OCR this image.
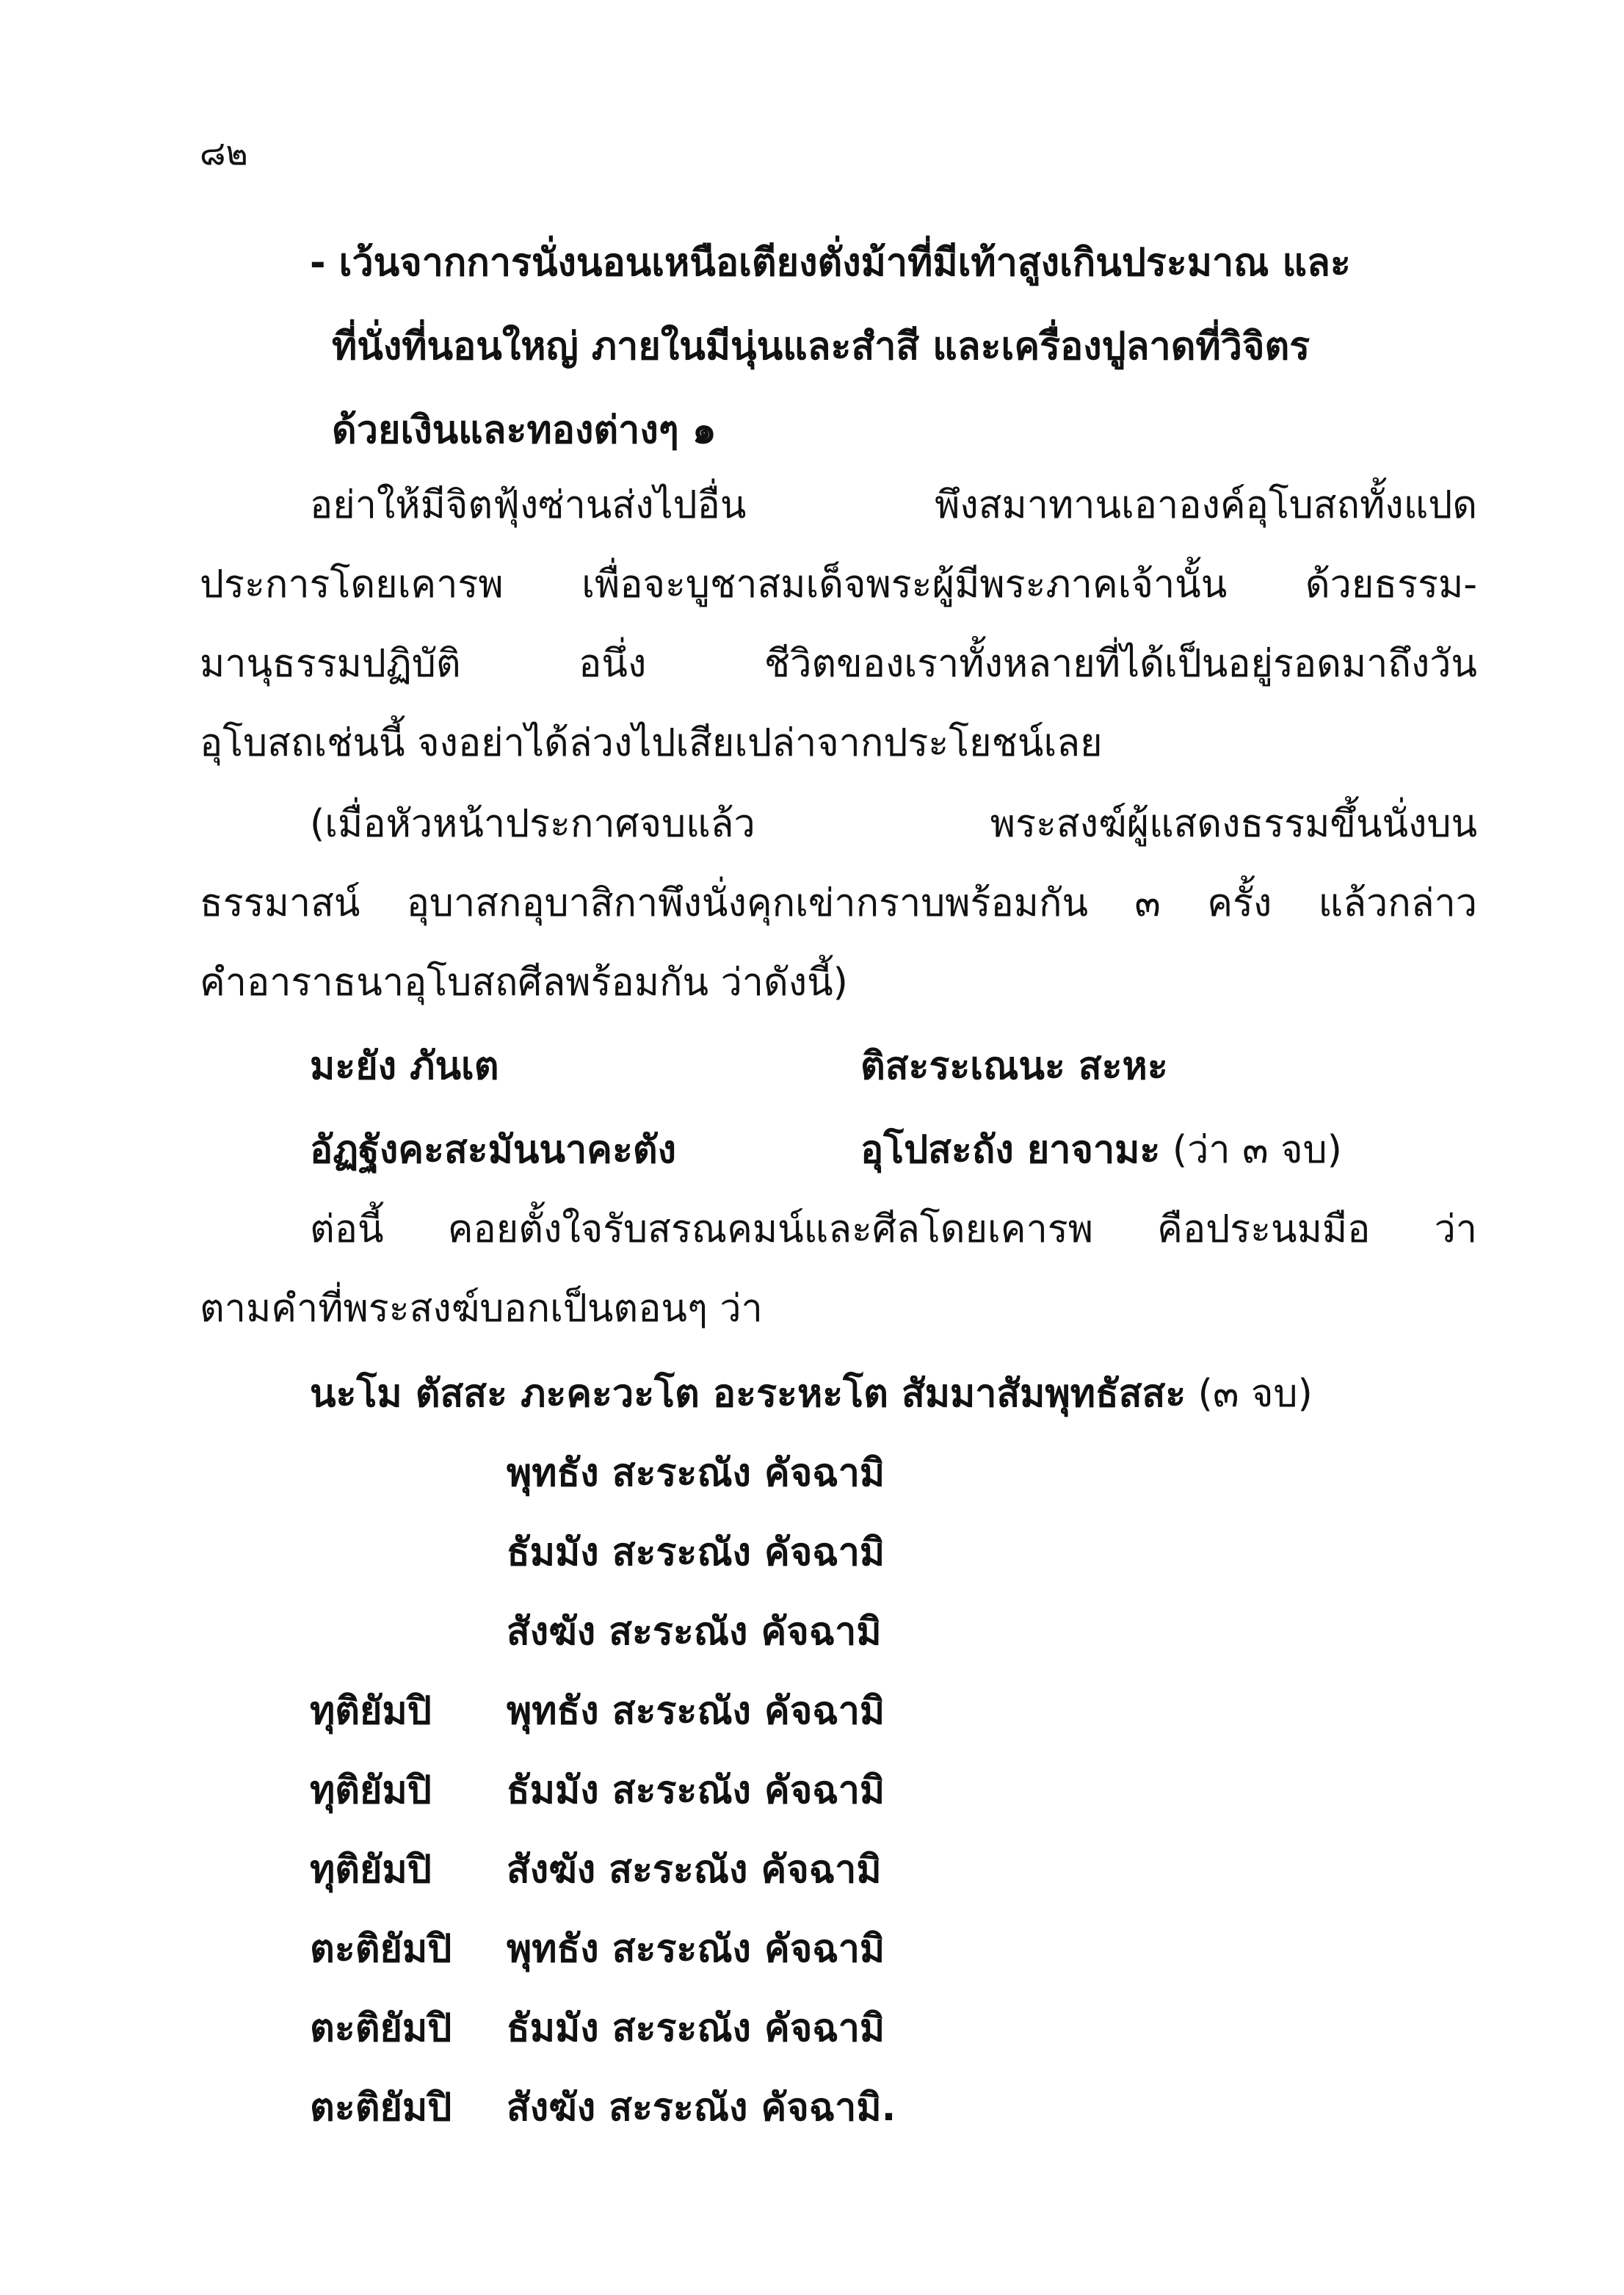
๘๒
- เว้นจากการนั่งนอนเหนือเตียงตั่งม้าที่มีเท้าสูงเกินประมาณ และ
ที่นั่งที่นอนใหญ่ ภายในมีนุ่นและสำสี และเครื่องปูลาดที่วิจิตร
ด้วยเงินและทองต่างๆ ๑
อย่าให้มีจิตฟุ้งซ่านส่งไปอื่น	พึงสมาทานเอาองค์อุโบสถทั้งแปด
ประการโดยเคารพ เพื่อจะบูชาสมเด็จพระผู้มีพระภาคเจ้านั้น ด้วยธรรม-
มานุธรรมปฏิบัติ	อนึ่ง	ชีวิตของเราทั้งหลายที่ได้เป็นอยู่รอดมาถึงวัน
อุโบสถเช่นนี้ จงอย่าได้ล่วงไปเสียเปล่าจากประโยชน์เลย
(เมื่อหัวหน้าประกาศจบแล้ว	พระสงฆ์ผู้แสดงธรรมขึ้นนั่งบน
ธรรมาสน์ อุบาสกอุบาสิกาพึงนั่งคุกเข่ากราบพร้อมกัน ๓ ครั้ง แล้วกล่าว
คำอาราธนาอุโบสถศีลพร้อมกัน ว่าดังนี้)
มะยัง ภันเต	ติสะระเณนะ สะหะ
อัฏฐังคะสะมันนาคะตัง	อุโปสะถัง ยาจามะ (ว่า ๓ จบ)
ต่อนี้ คอยตั้งใจรับสรณคมน์และศีลโดยเคารพ คือประนมมือ ว่า
ตามคำที่พระสงฆ์บอกเป็นตอนๆ ว่า
นะโม ตัสสะ ภะคะวะโต อะระหะโต สัมมาสัมพุทธัสสะ (๓ จบ)
พุทธัง สะระณัง คัจฉามิ
ธัมมัง สะระณัง คัจฉามิ
สังฆัง สะระณัง คัจฉามิ
ทุติยัมปิ พุทธัง สะระณัง คัจฉามิ
ทุติยัมปิ ธัมมัง สะระณัง คัจฉามิ
ทุติยัมปิ สังฆัง สะระณัง คัจฉามิ
ตะติยัมปิ พุทธัง สะระณัง คัจฉามิ
ตะติยัมปิ ธัมมัง สะระณัง คัจฉามิ
ตะติยัมปิ สังฆัง สะระณัง คัจฉามิ.
